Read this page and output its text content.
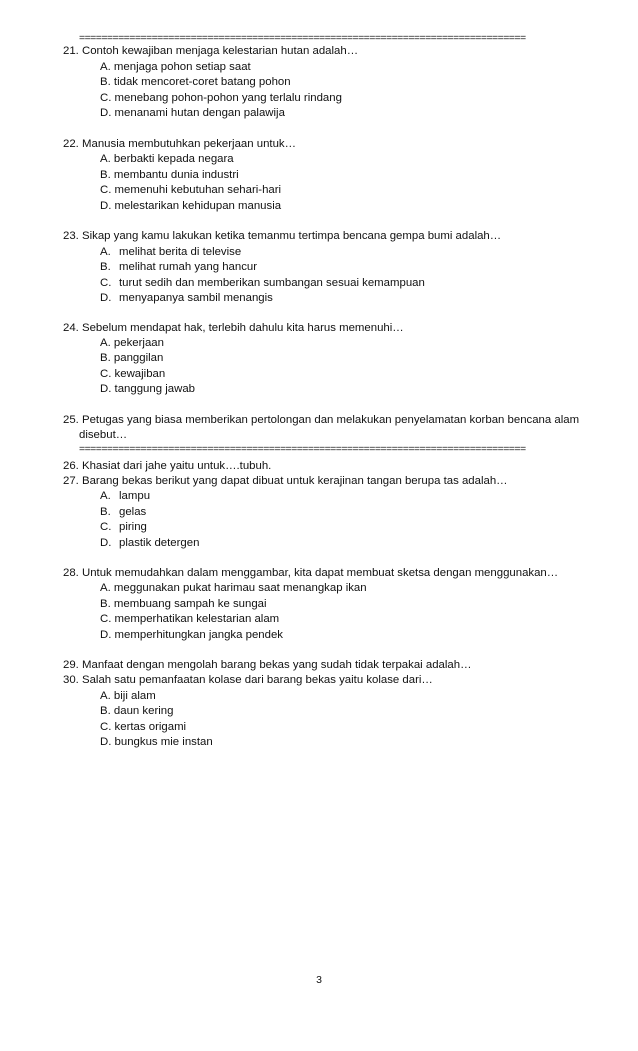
================================================================================
21. Contoh kewajiban menjaga kelestarian hutan adalah…
A. menjaga pohon setiap saat
B. tidak mencoret-coret batang pohon
C. menebang pohon-pohon yang terlalu rindang
D. menanami hutan dengan palawija
22. Manusia membutuhkan pekerjaan untuk…
A. berbakti kepada negara
B. membantu dunia industri
C. memenuhi kebutuhan sehari-hari
D. melestarikan kehidupan manusia
23. Sikap yang kamu lakukan ketika temanmu tertimpa bencana gempa bumi adalah…
A. melihat berita di televise
B. melihat rumah yang hancur
C. turut sedih dan memberikan sumbangan sesuai kemampuan
D. menyapanya sambil menangis
24. Sebelum mendapat hak, terlebih dahulu kita harus memenuhi…
A. pekerjaan
B. panggilan
C. kewajiban
D. tanggung jawab
25. Petugas yang biasa memberikan pertolongan dan melakukan penyelamatan korban bencana alam
disebut…
================================================================================
26. Khasiat dari jahe yaitu untuk….tubuh.
27. Barang bekas berikut yang dapat dibuat untuk kerajinan tangan berupa tas adalah…
A. lampu
B. gelas
C. piring
D. plastik detergen
28. Untuk memudahkan dalam menggambar, kita dapat membuat sketsa dengan menggunakan…
A. meggunakan pukat harimau saat menangkap ikan
B. membuang sampah ke sungai
C. memperhatikan kelestarian alam
D. memperhitungkan jangka pendek
29. Manfaat dengan mengolah barang bekas yang sudah tidak terpakai adalah…
30. Salah satu pemanfaatan kolase dari barang bekas yaitu kolase dari…
A. biji alam
B. daun kering
C. kertas origami
D. bungkus mie instan
3
